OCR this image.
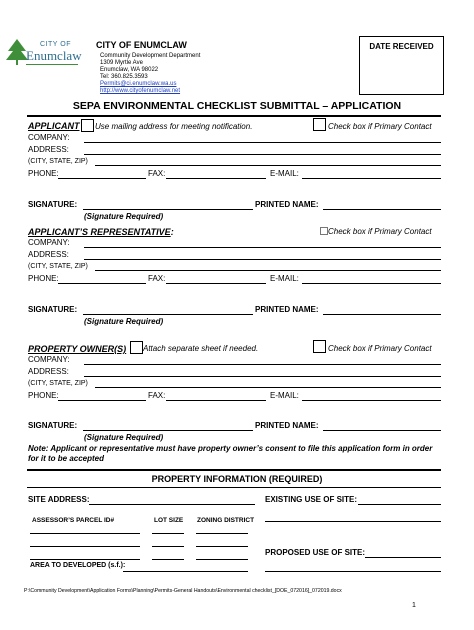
CITY OF
Enumclaw
CITY OF ENUMCLAW
Community Development Department
1309 Myrtle Ave
Enumclaw, WA 98022
Tel: 360.825.3593
Permits@ci.enumclaw.wa.us
http://www.cityofenumclaw.net
DATE RECEIVED
SEPA ENVIRONMENTAL CHECKLIST SUBMITTAL – APPLICATION
APPLICANT Use mailing address for meeting notification.	Check box if Primary Contact
COMPANY:
ADDRESS:
(CITY, STATE, ZIP)
PHONE:	FAX:	E-MAIL:
SIGNATURE:	PRINTED NAME:
(Signature Required)
APPLICANT’S REPRESENTATIVE:	Check box if Primary Contact
COMPANY:
ADDRESS:
(CITY, STATE, ZIP)
PHONE:	FAX:	E-MAIL:
SIGNATURE:	PRINTED NAME:
(Signature Required)
PROPERTY OWNER(S) Attach separate sheet if needed.	Check box if Primary Contact
COMPANY:
ADDRESS:
(CITY, STATE, ZIP)
PHONE:	FAX:	E-MAIL:
SIGNATURE:	PRINTED NAME:
(Signature Required)
Note: Applicant or representative must have property owner’s consent to file this application form in order for it to be accepted
PROPERTY INFORMATION (REQUIRED)
SITE ADDRESS:	EXISTING USE OF SITE:
ASSESSOR’S PARCEL ID#	LOT SIZE ZONING DISTRICT
PROPOSED USE OF SITE:
AREA TO DEVELOPED (s.f.):
P:\Community Development\Application Forms\Planning\Permits-General Handouts\Environmental checklist_[DOE_072016]_072019.docx
1
